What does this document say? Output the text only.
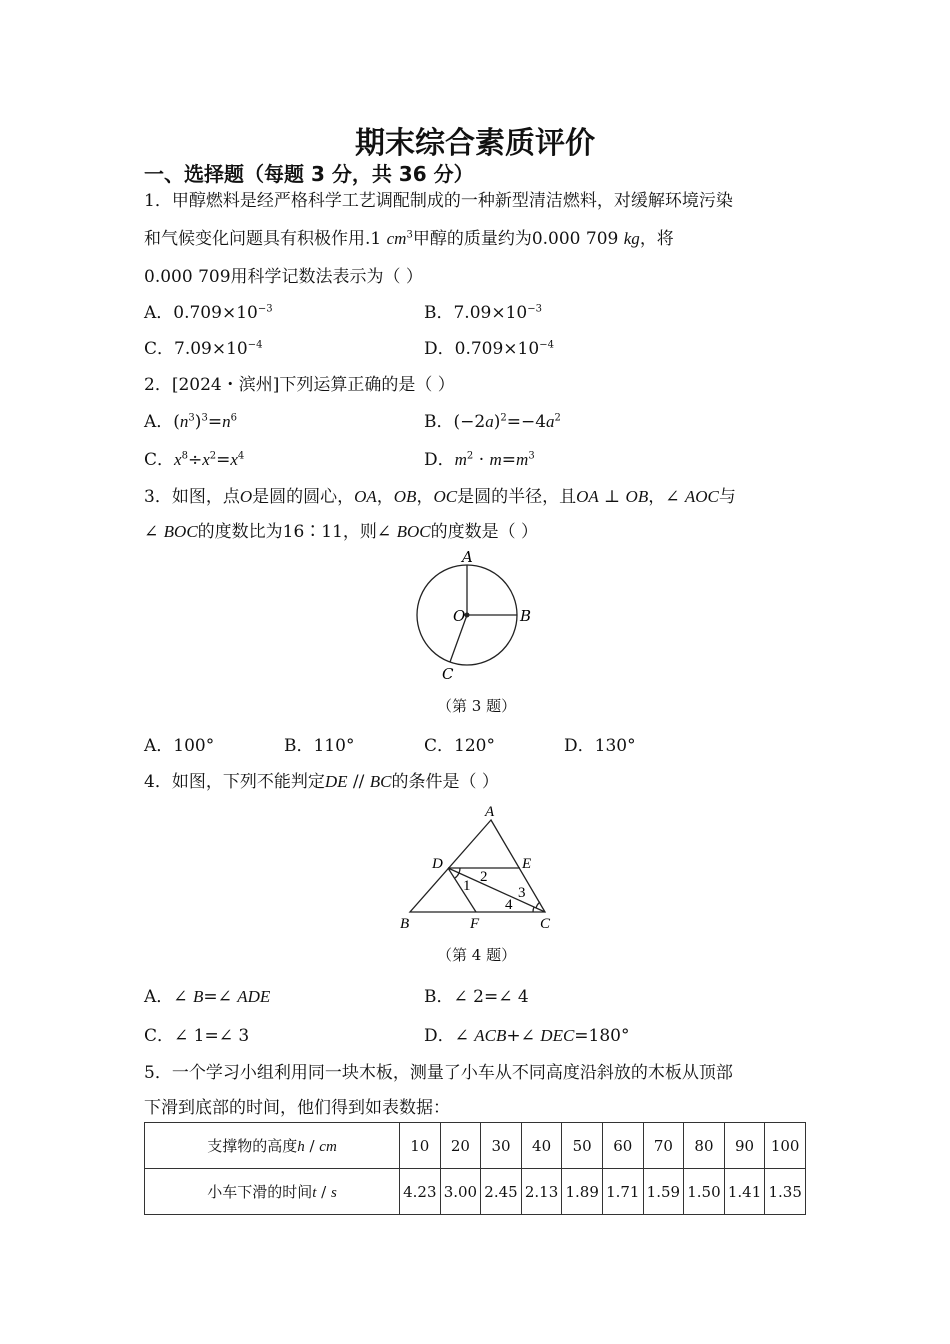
期末综合素质评价
一、选择题（每题 3 分，共 36 分）
1．甲醇燃料是经严格科学工艺调配制成的一种新型清洁燃料，对缓解环境污染
和气候变化问题具有积极作用.1 $cm^3$甲醇的质量约为0.000 709 kg，将
0.000 709用科学记数法表示为（ ）
A．$0.709\times 10^{-3}$	B．$7.09\times 10^{-3}$
C．$7.09\times 10^{-4}$	D．$0.709\times 10^{-4}$
2．[2024・滨州]下列运算正确的是（ ）
A．$(n^3)^3=n^6$	B．$(-2a)^2=-4a^2$
C．$x^8\div x^2=x^4$	D．$m^2 \cdot m=m^3$
3．如图，点O是圆的圆心，OA，OB，OC是圆的半径，且OA ⊥ OB，∠ AOC与
∠ BOC的度数比为16∶11，则∠ BOC的度数是（ ）
A
B
C
O
（第 3 题）
A．100°	B．110°	C．120°	D．130°
4．如图，下列不能判定DE // BC的条件是（ ）
A
B	C
D	E
F
1
2
3
4
（第 4 题）
A．∠ B=∠ ADE	B．∠ 2=∠ 4
C．∠ 1=∠ 3	D．∠ ACB+∠ DEC=180°
5．一个学习小组利用同一块木板，测量了小车从不同高度沿斜放的木板从顶部
下滑到底部的时间，他们得到如表数据：
支撑物的高度h / cm	10	20	30	40	50	60	70	80	90	100
小车下滑的时间t / s	4.23	3.00	2.45	2.13	1.89	1.71	1.59	1.50	1.41	1.35
